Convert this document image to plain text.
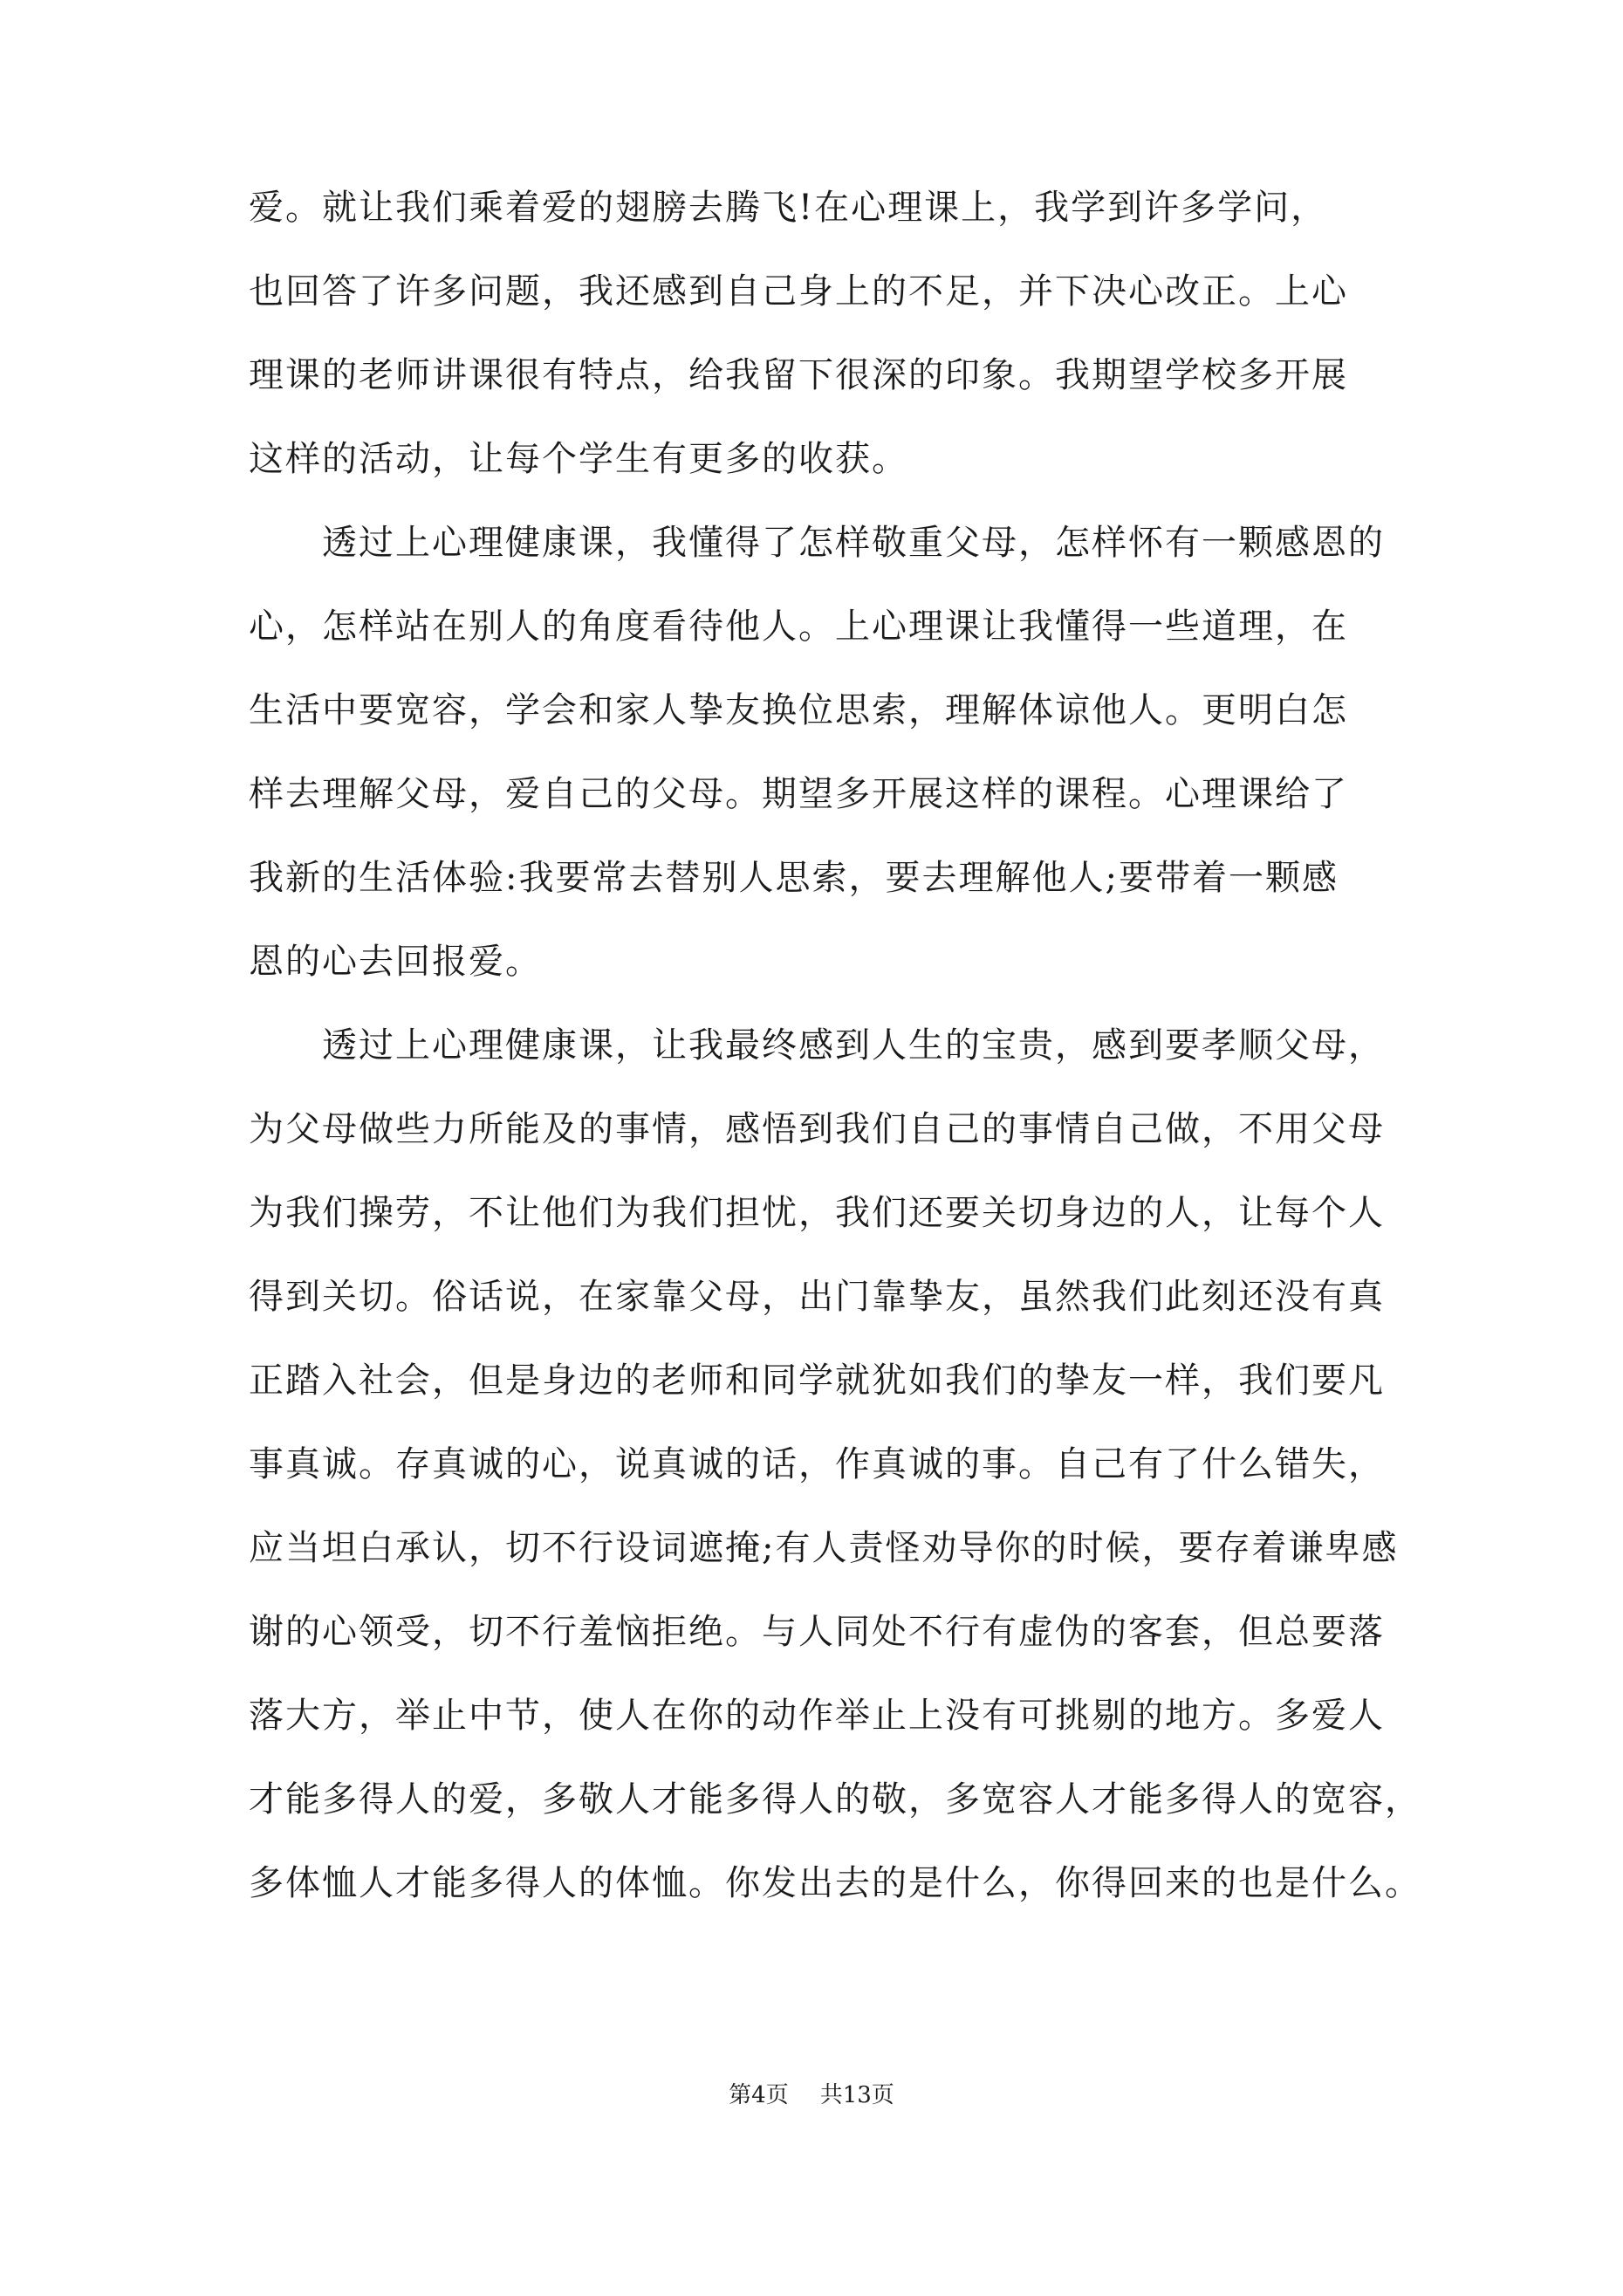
爱。就让我们乘着爱的翅膀去腾飞!在心理课上，我学到许多学问，
也回答了许多问题，我还感到自己身上的不足，并下决心改正。上心
理课的老师讲课很有特点，给我留下很深的印象。我期望学校多开展
这样的活动，让每个学生有更多的收获。
透过上心理健康课，我懂得了怎样敬重父母，怎样怀有一颗感恩的
心，怎样站在别人的角度看待他人。上心理课让我懂得一些道理，在
生活中要宽容，学会和家人挚友换位思索，理解体谅他人。更明白怎
样去理解父母，爱自己的父母。期望多开展这样的课程。心理课给了
我新的生活体验:我要常去替别人思索，要去理解他人;要带着一颗感
恩的心去回报爱。
透过上心理健康课，让我最终感到人生的宝贵，感到要孝顺父母，
为父母做些力所能及的事情，感悟到我们自己的事情自己做，不用父母
为我们操劳，不让他们为我们担忧，我们还要关切身边的人，让每个人
得到关切。俗话说，在家靠父母，出门靠挚友，虽然我们此刻还没有真
正踏入社会，但是身边的老师和同学就犹如我们的挚友一样，我们要凡
事真诚。存真诚的心，说真诚的话，作真诚的事。自己有了什么错失，
应当坦白承认，切不行设词遮掩;有人责怪劝导你的时候，要存着谦卑感
谢的心领受，切不行羞恼拒绝。与人同处不行有虚伪的客套，但总要落
落大方，举止中节，使人在你的动作举止上没有可挑剔的地方。多爱人
才能多得人的爱，多敬人才能多得人的敬，多宽容人才能多得人的宽容，
多体恤人才能多得人的体恤。你发出去的是什么，你得回来的也是什么。
第4页 共13页
